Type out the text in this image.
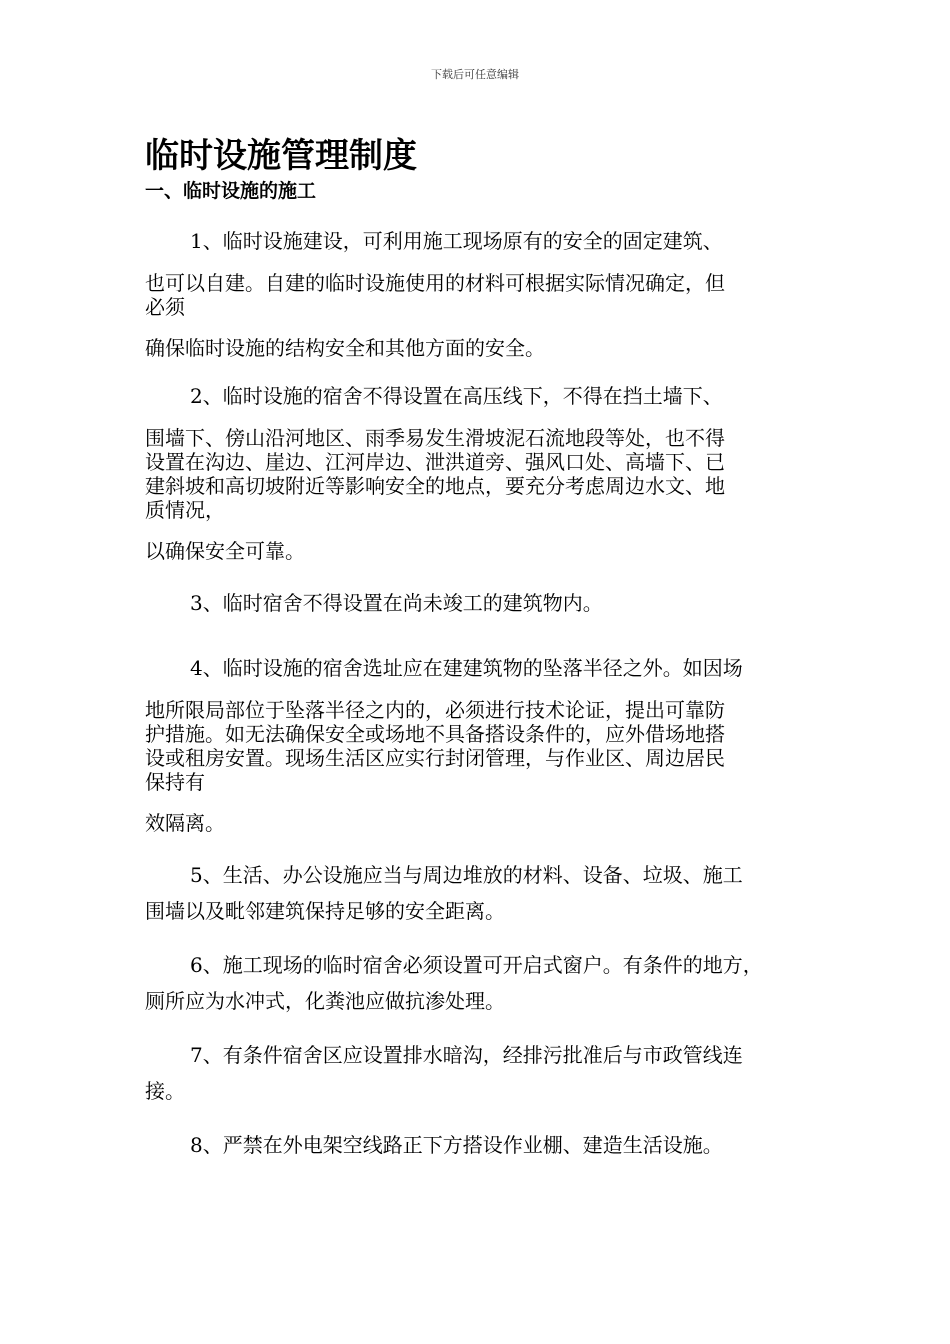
下载后可任意编辑
临时设施管理制度
一、临时设施的施工
1、临时设施建设，可利用施工现场原有的安全的固定建筑、
也可以自建。自建的临时设施使用的材料可根据实际情况确定，但
必须
确保临时设施的结构安全和其他方面的安全。
2、临时设施的宿舍不得设置在高压线下，不得在挡土墙下、
围墙下、傍山沿河地区、雨季易发生滑坡泥石流地段等处，也不得
设置在沟边、崖边、江河岸边、泄洪道旁、强风口处、高墙下、已
建斜坡和高切坡附近等影响安全的地点，要充分考虑周边水文、地
质情况，
以确保安全可靠。
3、临时宿舍不得设置在尚未竣工的建筑物内。
4、临时设施的宿舍选址应在建建筑物的坠落半径之外。如因场
地所限局部位于坠落半径之内的，必须进行技术论证，提出可靠防
护措施。如无法确保安全或场地不具备搭设条件的，应外借场地搭
设或租房安置。现场生活区应实行封闭管理，与作业区、周边居民
保持有
效隔离。
5、生活、办公设施应当与周边堆放的材料、设备、垃圾、施工
围墙以及毗邻建筑保持足够的安全距离。
6、施工现场的临时宿舍必须设置可开启式窗户。有条件的地方，
厕所应为水冲式，化粪池应做抗渗处理。
7、有条件宿舍区应设置排水暗沟，经排污批准后与市政管线连
接。
8、严禁在外电架空线路正下方搭设作业棚、建造生活设施。
